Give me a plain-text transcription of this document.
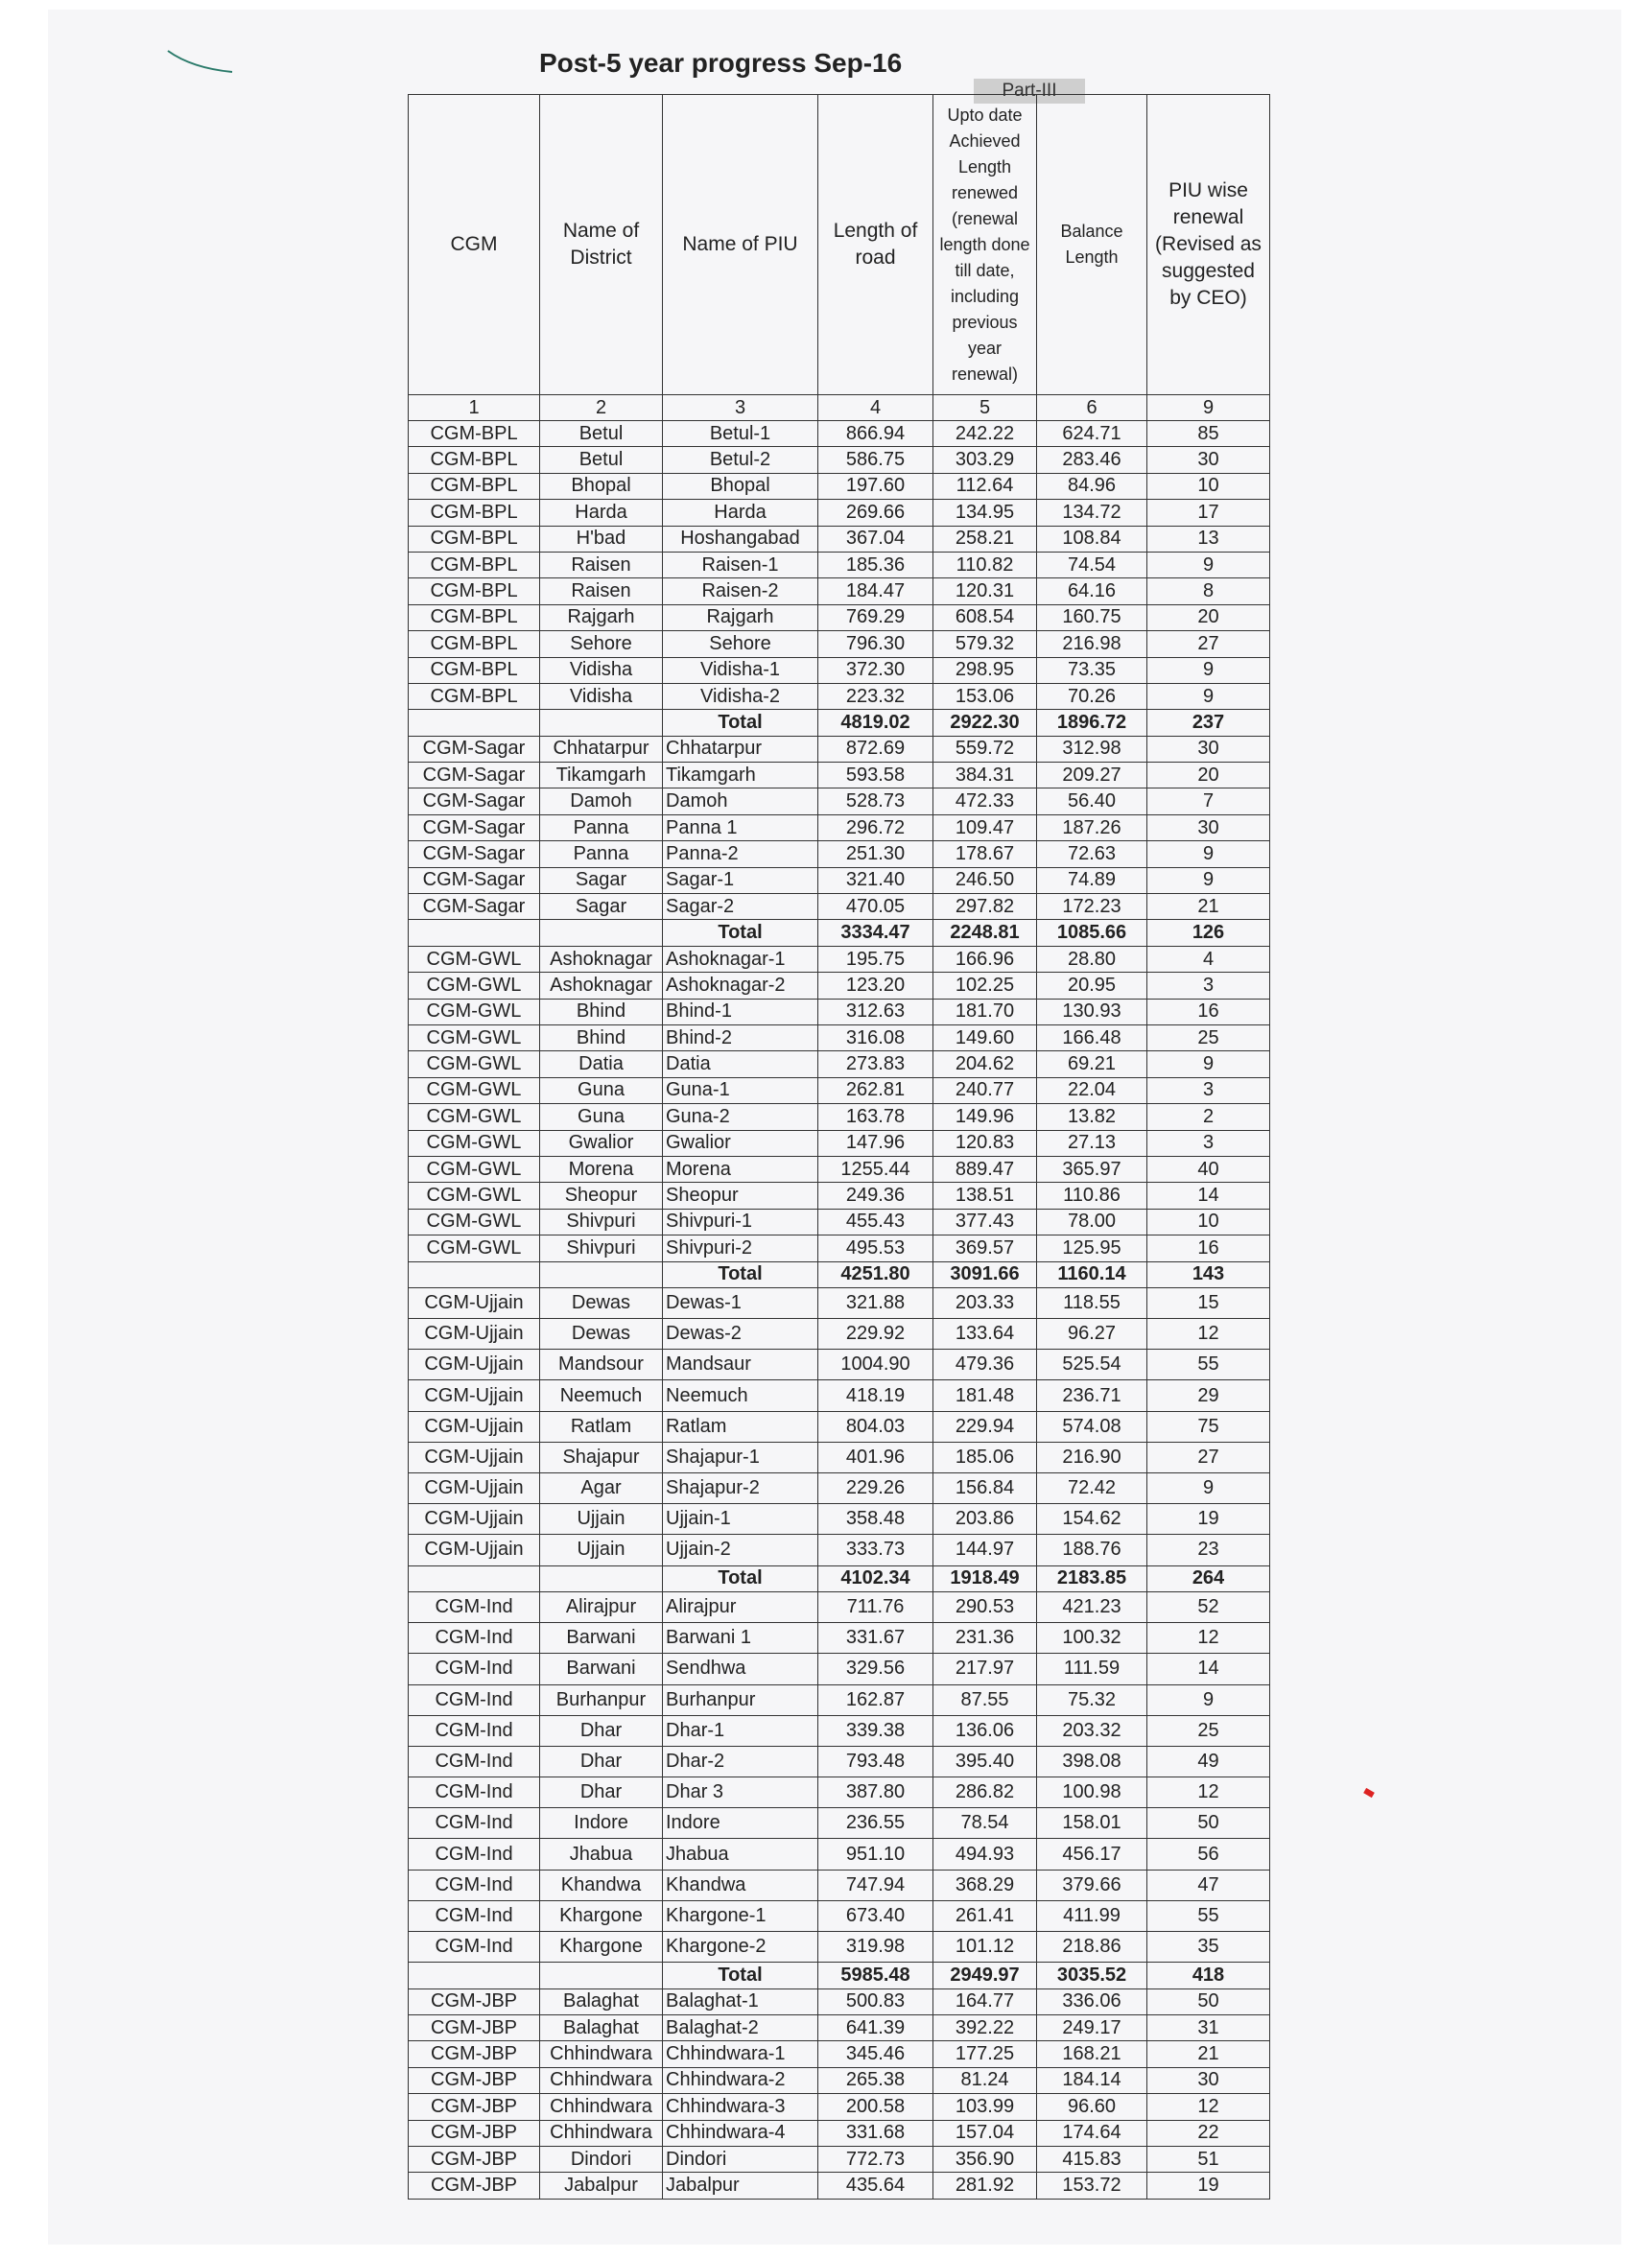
Post-5 year progress Sep-16
Part-III
CGM	Name of District	Name of PIU	Length of road	Upto date Achieved Length renewed (renewal length done till date, including previous year renewal)	Balance Length	PIU wise renewal (Revised as suggested by CEO)
1	2	3	4	5	6	9
CGM-BPL	Betul	Betul-1	866.94	242.22	624.71	85
CGM-BPL	Betul	Betul-2	586.75	303.29	283.46	30
CGM-BPL	Bhopal	Bhopal	197.60	112.64	84.96	10
CGM-BPL	Harda	Harda	269.66	134.95	134.72	17
CGM-BPL	H'bad	Hoshangabad	367.04	258.21	108.84	13
CGM-BPL	Raisen	Raisen-1	185.36	110.82	74.54	9
CGM-BPL	Raisen	Raisen-2	184.47	120.31	64.16	8
CGM-BPL	Rajgarh	Rajgarh	769.29	608.54	160.75	20
CGM-BPL	Sehore	Sehore	796.30	579.32	216.98	27
CGM-BPL	Vidisha	Vidisha-1	372.30	298.95	73.35	9
CGM-BPL	Vidisha	Vidisha-2	223.32	153.06	70.26	9
		Total	4819.02	2922.30	1896.72	237
CGM-Sagar	Chhatarpur	Chhatarpur	872.69	559.72	312.98	30
CGM-Sagar	Tikamgarh	Tikamgarh	593.58	384.31	209.27	20
CGM-Sagar	Damoh	Damoh	528.73	472.33	56.40	7
CGM-Sagar	Panna	Panna 1	296.72	109.47	187.26	30
CGM-Sagar	Panna	Panna-2	251.30	178.67	72.63	9
CGM-Sagar	Sagar	Sagar-1	321.40	246.50	74.89	9
CGM-Sagar	Sagar	Sagar-2	470.05	297.82	172.23	21
		Total	3334.47	2248.81	1085.66	126
CGM-GWL	Ashoknagar	Ashoknagar-1	195.75	166.96	28.80	4
CGM-GWL	Ashoknagar	Ashoknagar-2	123.20	102.25	20.95	3
CGM-GWL	Bhind	Bhind-1	312.63	181.70	130.93	16
CGM-GWL	Bhind	Bhind-2	316.08	149.60	166.48	25
CGM-GWL	Datia	Datia	273.83	204.62	69.21	9
CGM-GWL	Guna	Guna-1	262.81	240.77	22.04	3
CGM-GWL	Guna	Guna-2	163.78	149.96	13.82	2
CGM-GWL	Gwalior	Gwalior	147.96	120.83	27.13	3
CGM-GWL	Morena	Morena	1255.44	889.47	365.97	40
CGM-GWL	Sheopur	Sheopur	249.36	138.51	110.86	14
CGM-GWL	Shivpuri	Shivpuri-1	455.43	377.43	78.00	10
CGM-GWL	Shivpuri	Shivpuri-2	495.53	369.57	125.95	16
		Total	4251.80	3091.66	1160.14	143
CGM-Ujjain	Dewas	Dewas-1	321.88	203.33	118.55	15
CGM-Ujjain	Dewas	Dewas-2	229.92	133.64	96.27	12
CGM-Ujjain	Mandsour	Mandsaur	1004.90	479.36	525.54	55
CGM-Ujjain	Neemuch	Neemuch	418.19	181.48	236.71	29
CGM-Ujjain	Ratlam	Ratlam	804.03	229.94	574.08	75
CGM-Ujjain	Shajapur	Shajapur-1	401.96	185.06	216.90	27
CGM-Ujjain	Agar	Shajapur-2	229.26	156.84	72.42	9
CGM-Ujjain	Ujjain	Ujjain-1	358.48	203.86	154.62	19
CGM-Ujjain	Ujjain	Ujjain-2	333.73	144.97	188.76	23
		Total	4102.34	1918.49	2183.85	264
CGM-Ind	Alirajpur	Alirajpur	711.76	290.53	421.23	52
CGM-Ind	Barwani	Barwani 1	331.67	231.36	100.32	12
CGM-Ind	Barwani	Sendhwa	329.56	217.97	111.59	14
CGM-Ind	Burhanpur	Burhanpur	162.87	87.55	75.32	9
CGM-Ind	Dhar	Dhar-1	339.38	136.06	203.32	25
CGM-Ind	Dhar	Dhar-2	793.48	395.40	398.08	49
CGM-Ind	Dhar	Dhar 3	387.80	286.82	100.98	12
CGM-Ind	Indore	Indore	236.55	78.54	158.01	50
CGM-Ind	Jhabua	Jhabua	951.10	494.93	456.17	56
CGM-Ind	Khandwa	Khandwa	747.94	368.29	379.66	47
CGM-Ind	Khargone	Khargone-1	673.40	261.41	411.99	55
CGM-Ind	Khargone	Khargone-2	319.98	101.12	218.86	35
		Total	5985.48	2949.97	3035.52	418
CGM-JBP	Balaghat	Balaghat-1	500.83	164.77	336.06	50
CGM-JBP	Balaghat	Balaghat-2	641.39	392.22	249.17	31
CGM-JBP	Chhindwara	Chhindwara-1	345.46	177.25	168.21	21
CGM-JBP	Chhindwara	Chhindwara-2	265.38	81.24	184.14	30
CGM-JBP	Chhindwara	Chhindwara-3	200.58	103.99	96.60	12
CGM-JBP	Chhindwara	Chhindwara-4	331.68	157.04	174.64	22
CGM-JBP	Dindori	Dindori	772.73	356.90	415.83	51
CGM-JBP	Jabalpur	Jabalpur	435.64	281.92	153.72	19
